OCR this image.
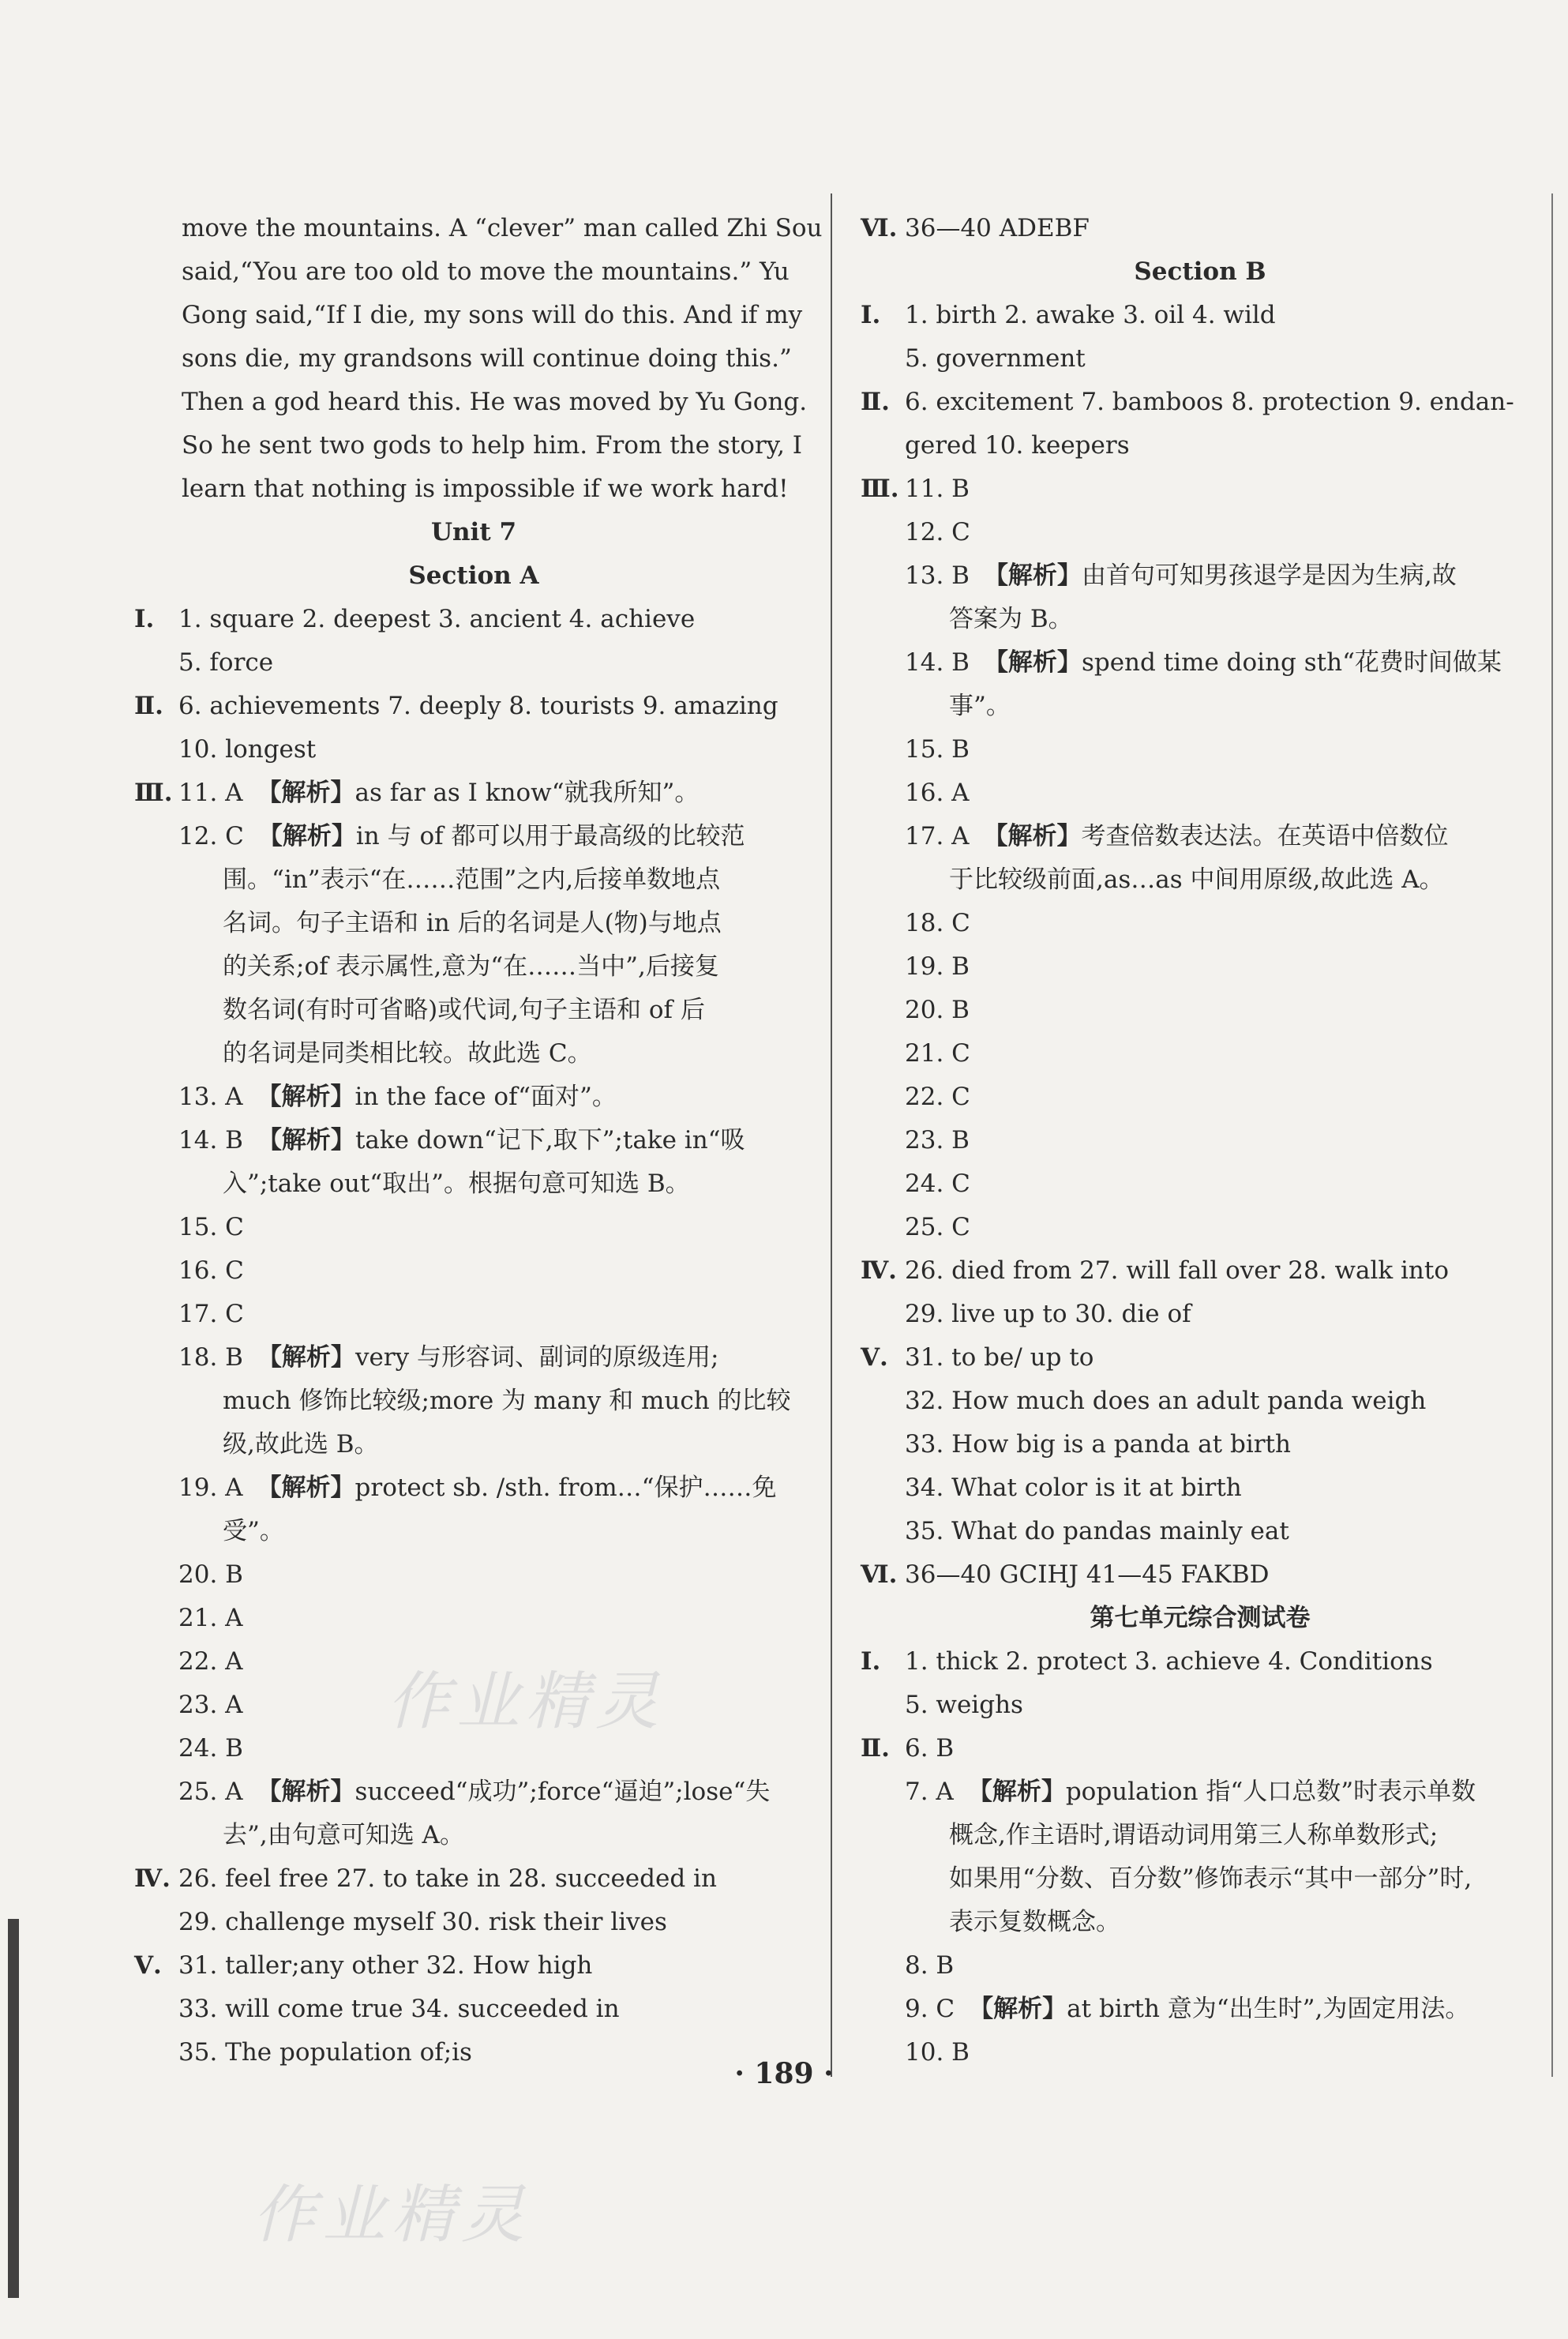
move the mountains. A “clever” man called Zhi Sou
said,“You are too old to move the mountains.” Yu
Gong said,“If I die, my sons will do this. And if my
sons die, my grandsons will continue doing this.”
Then a god heard this. He was moved by Yu Gong.
So he sent two gods to help him. From the story, I
learn that nothing is impossible if we work hard!
Unit 7
Section A
Ⅰ. 1. square 2. deepest 3. ancient 4. achieve
5. force
Ⅱ. 6. achievements 7. deeply 8. tourists 9. amazing
10. longest
Ⅲ. 11. A 【解析】as far as I know“就我所知”。
12. C 【解析】in 与 of 都可以用于最高级的比较范
围。“in”表示“在……范围”之内,后接单数地点
名词。句子主语和 in 后的名词是人(物)与地点
的关系;of 表示属性,意为“在……当中”,后接复
数名词(有时可省略)或代词,句子主语和 of 后
的名词是同类相比较。故此选 C。
13. A 【解析】in the face of“面对”。
14. B 【解析】take down“记下,取下”;take in“吸
入”;take out“取出”。根据句意可知选 B。
15. C
16. C
17. C
18. B 【解析】very 与形容词、副词的原级连用;
much 修饰比较级;more 为 many 和 much 的比较
级,故此选 B。
19. A 【解析】protect sb. /sth. from…“保护……免
受”。
20. B
21. A
22. A
23. A
24. B
25. A 【解析】succeed“成功”;force“逼迫”;lose“失
去”,由句意可知选 A。
Ⅳ. 26. feel free 27. to take in 28. succeeded in
29. challenge myself 30. risk their lives
Ⅴ. 31. taller;any other 32. How high
33. will come true 34. succeeded in
35. The population of;is
Ⅵ. 36—40 ADEBF
Section B
Ⅰ. 1. birth 2. awake 3. oil 4. wild
5. government
Ⅱ. 6. excitement 7. bamboos 8. protection 9. endan-
gered 10. keepers
Ⅲ. 11. B
12. C
13. B 【解析】由首句可知男孩退学是因为生病,故
答案为 B。
14. B 【解析】spend time doing sth“花费时间做某
事”。
15. B
16. A
17. A 【解析】考查倍数表达法。在英语中倍数位
于比较级前面,as…as 中间用原级,故此选 A。
18. C
19. B
20. B
21. C
22. C
23. B
24. C
25. C
Ⅳ. 26. died from 27. will fall over 28. walk into
29. live up to 30. die of
Ⅴ. 31. to be/ up to
32. How much does an adult panda weigh
33. How big is a panda at birth
34. What color is it at birth
35. What do pandas mainly eat
Ⅵ. 36—40 GCIHJ 41—45 FAKBD
第七单元综合测试卷
Ⅰ. 1. thick 2. protect 3. achieve 4. Conditions
5. weighs
Ⅱ. 6. B
7. A 【解析】population 指“人口总数”时表示单数
概念,作主语时,谓语动词用第三人称单数形式;
如果用“分数、百分数”修饰表示“其中一部分”时,
表示复数概念。
8. B
9. C 【解析】at birth 意为“出生时”,为固定用法。
10. B
· 189 ·
作业精灵
作业精灵
